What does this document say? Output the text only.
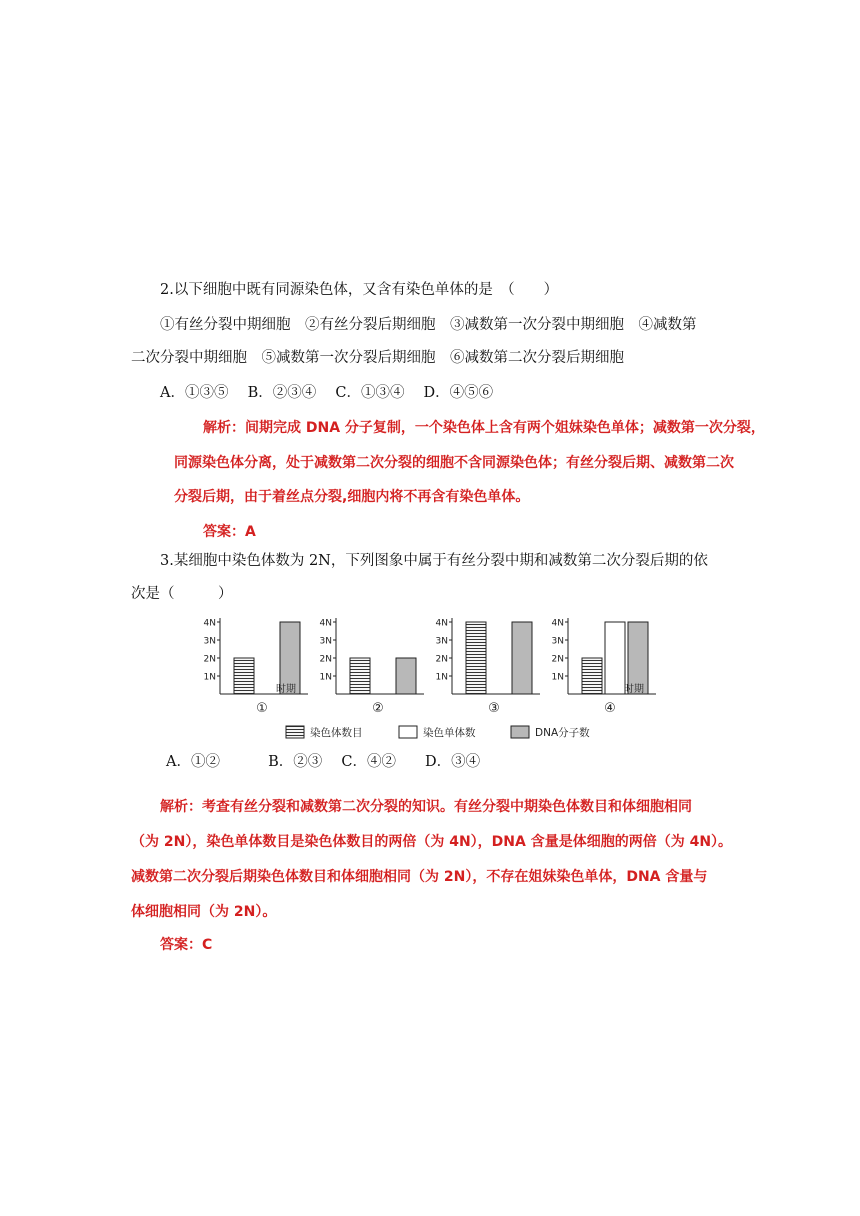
2.以下细胞中既有同源染色体，又含有染色单体的是　（　　）
①有丝分裂中期细胞　②有丝分裂后期细胞　③减数第一次分裂中期细胞　④减数第
二次分裂中期细胞　⑤减数第一次分裂后期细胞　⑥减数第二次分裂后期细胞
A．①③⑤　 B．②③④　 C．①③④　 D．④⑤⑥
解析：间期完成 DNA 分子复制，一个染色体上含有两个姐妹染色单体；减数第一次分裂，
同源染色体分离，处于减数第二次分裂的细胞不含同源染色体；有丝分裂后期、减数第二次
分裂后期，由于着丝点分裂,细胞内将不再含有染色单体。
答案：A
3.某细胞中染色体数为 2N，下列图象中属于有丝分裂中期和减数第二次分裂后期的依
次是（　　　）
1N
2N
3N
4N
时期
①
1N
2N
3N
4N
②
1N
2N
3N
4N
③
1N
2N
3N
4N
时期
④
染色体数目	染色单体数	DNA分子数
A．①②　　　 B．②③　 C．④②　　D．③④
解析：考查有丝分裂和减数第二次分裂的知识。有丝分裂中期染色体数目和体细胞相同
（为 2N），染色单体数目是染色体数目的两倍（为 4N），DNA 含量是体细胞的两倍（为 4N）。
减数第二次分裂后期染色体数目和体细胞相同（为 2N），不存在姐妹染色单体，DNA 含量与
体细胞相同（为 2N）。
答案：C
